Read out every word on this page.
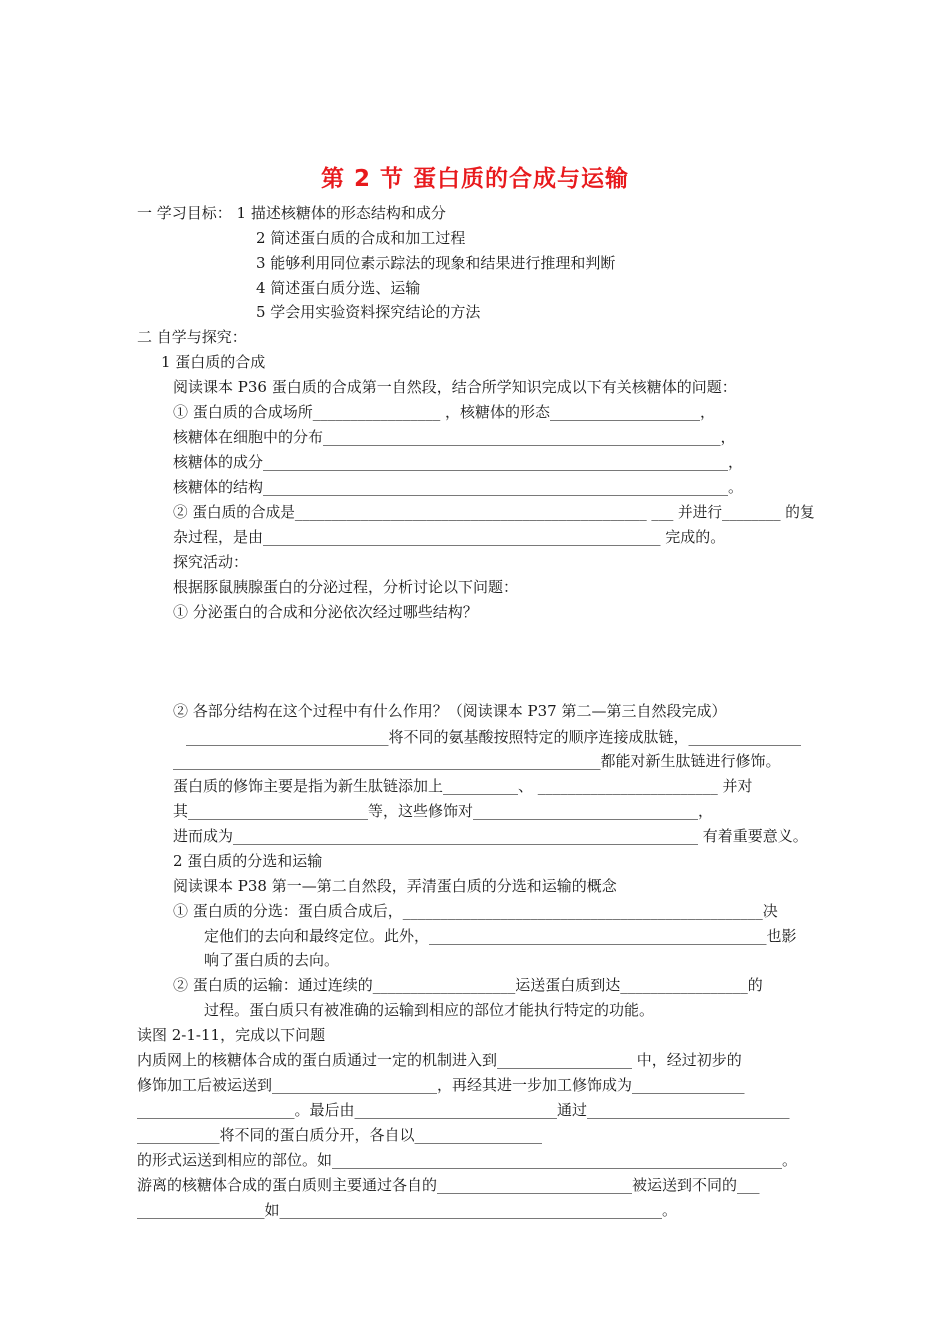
第 2 节 蛋白质的合成与运输
一 学习目标： 1 描述核糖体的形态结构和成分
2 简述蛋白质的合成和加工过程
3 能够利用同位素示踪法的现象和结果进行推理和判断
4 简述蛋白质分选、运输
5 学会用实验资料探究结论的方法
二 自学与探究：
1 蛋白质的合成
阅读课本 P36 蛋白质的合成第一自然段，结合所学知识完成以下有关核糖体的问题：
① 蛋白质的合成场所_________________ ，核糖体的形态____________________，
核糖体在细胞中的分布_____________________________________________________，
核糖体的成分______________________________________________________________，
核糖体的结构______________________________________________________________。
② 蛋白质的合成是________________________________________________ ___ 并进行________ 的复
杂过程，是由_____________________________________________________ 完成的。
探究活动：
根据豚鼠胰腺蛋白的分泌过程，分析讨论以下问题：
① 分泌蛋白的合成和分泌依次经过哪些结构？
② 各部分结构在这个过程中有什么作用？（阅读课本 P37 第二—第三自然段完成）
___________________________将不同的氨基酸按照特定的顺序连接成肽链，_______________
_________________________________________________________都能对新生肽链进行修饰。
蛋白质的修饰主要是指为新生肽链添加上__________、 ________________________ 并对
其________________________等，这些修饰对______________________________，
进而成为______________________________________________________________ 有着重要意义。
2 蛋白质的分选和运输
阅读课本 P38 第一—第二自然段，弄清蛋白质的分选和运输的概念
① 蛋白质的分选：蛋白质合成后，________________________________________________决
定他们的去向和最终定位。此外，_____________________________________________也影
响了蛋白质的去向。
② 蛋白质的运输：通过连续的___________________运送蛋白质到达_________________的
过程。蛋白质只有被准确的运输到相应的部位才能执行特定的功能。
读图 2-1-11，完成以下问题
内质网上的核糖体合成的蛋白质通过一定的机制进入到__________________ 中，经过初步的
修饰加工后被运送到______________________，再经其进一步加工修饰成为_______________
_____________________。最后由___________________________通过___________________________
___________将不同的蛋白质分开，各自以_________________
的形式运送到相应的部位。如____________________________________________________________。
游离的核糖体合成的蛋白质则主要通过各自的__________________________被运送到不同的___
_________________如___________________________________________________。
